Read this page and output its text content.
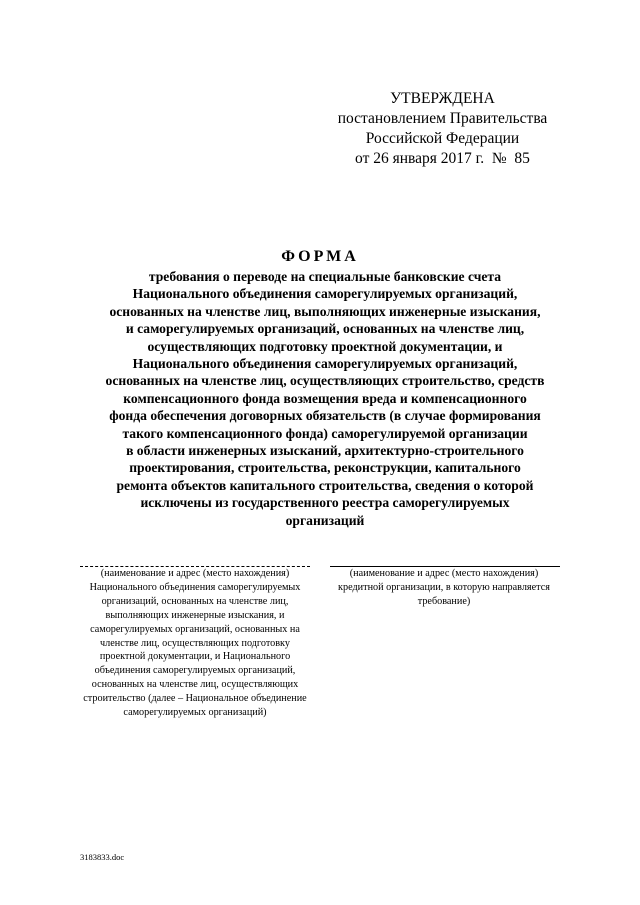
УТВЕРЖДЕНА
постановлением Правительства
Российской Федерации
от 26 января 2017 г.  №  85
ФОРМА
требования о переводе на специальные банковские счета
Национального объединения саморегулируемых организаций,
основанных на членстве лиц, выполняющих инженерные изыскания,
и саморегулируемых организаций, основанных на членстве лиц,
осуществляющих подготовку проектной документации, и
Национального объединения саморегулируемых организаций,
основанных на членстве лиц, осуществляющих строительство, средств
компенсационного фонда возмещения вреда и компенсационного
фонда обеспечения договорных обязательств (в случае формирования
такого компенсационного фонда) саморегулируемой организации
в области инженерных изысканий, архитектурно-строительного
проектирования, строительства, реконструкции, капитального
ремонта объектов капитального строительства, сведения о которой
исключены из государственного реестра саморегулируемых
организаций
(наименование и адрес (место нахождения)
Национального объединения саморегулируемых
организаций, основанных на членстве лиц,
выполняющих инженерные изыскания, и
саморегулируемых организаций, основанных на
членстве лиц, осуществляющих подготовку
проектной документации, и Национального
объединения саморегулируемых организаций,
основанных на членстве лиц, осуществляющих
строительство (далее – Национальное объединение
саморегулируемых организаций)
(наименование и адрес (место нахождения)
кредитной организации, в которую направляется
требование)
3183833.doc
